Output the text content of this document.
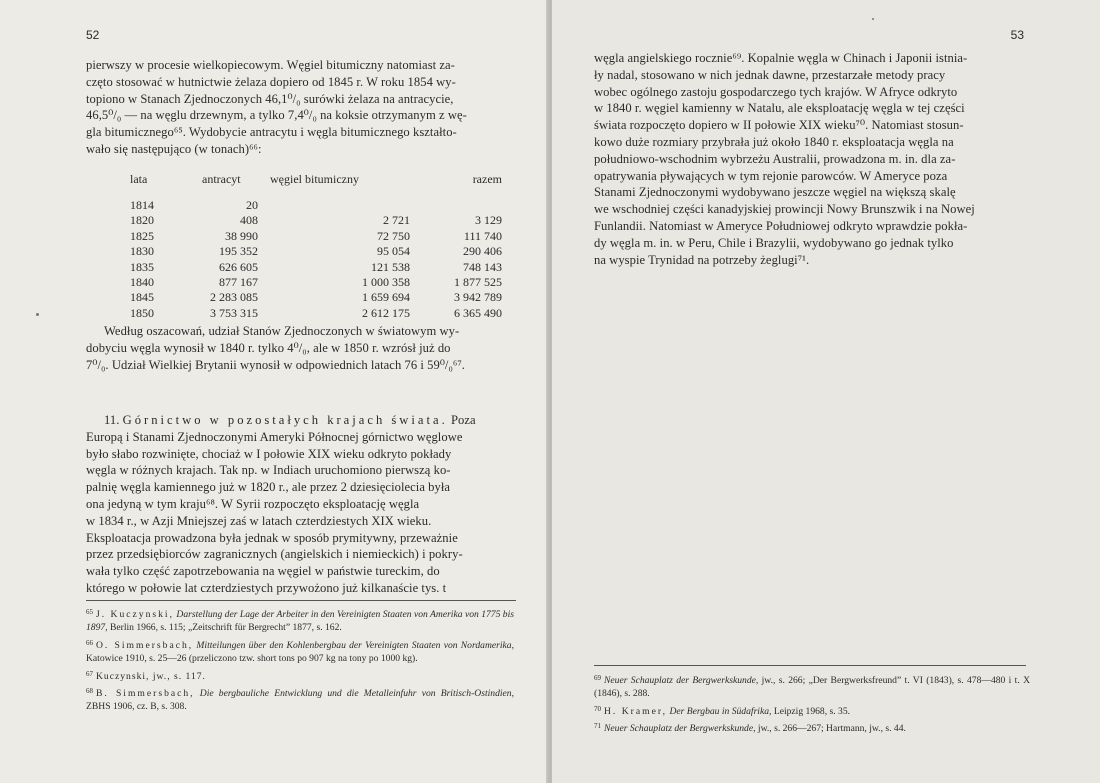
52

pierwszy w procesie wielkopiecowym. Węgiel bitumiczny natomiast za-

częto stosować w hutnictwie żelaza dopiero od 1845 r. W roku 1854 wy-

topiono w Stanach Zjednoczonych 46,1⁰/₀ surówki żelaza na antracycie,

46,5⁰/₀ — na węglu drzewnym, a tylko 7,4⁰/₀ na koksie otrzymanym z wę-

gla bitumicznego⁶⁵. Wydobycie antracytu i węgla bitumicznego kształto-

wało się następująco (w tonach)⁶⁶:

lata	antracyt	węgiel bitumiczny	razem
1814	20
1820	408	2 721	3 129
1825	38 990	72 750	111 740
1830	195 352	95 054	290 406
1835	626 605	121 538	748 143
1840	877 167	1 000 358	1 877 525
1845	2 283 085	1 659 694	3 942 789
1850	3 753 315	2 612 175	6 365 490

Według oszacowań, udział Stanów Zjednoczonych w światowym wy-

dobyciu węgla wynosił w 1840 r. tylko 4⁰/₀, ale w 1850 r. wzrósł już do

7⁰/₀. Udział Wielkiej Brytanii wynosił w odpowiednich latach 76 i 59⁰/₀⁶⁷.

11. Górnictwo w pozostałych krajach świata. Poza

Europą i Stanami Zjednoczonymi Ameryki Północnej górnictwo węglowe

było słabo rozwinięte, chociaż w I połowie XIX wieku odkryto pokłady

węgla w różnych krajach. Tak np. w Indiach uruchomiono pierwszą ko-

palnię węgla kamiennego już w 1820 r., ale przez 2 dziesięciolecia była

ona jedyną w tym kraju⁶⁸. W Syrii rozpoczęto eksploatację węgla

w 1834 r., w Azji Mniejszej zaś w latach czterdziestych XIX wieku.

Eksploatacja prowadzona była jednak w sposób prymitywny, przeważnie

przez przedsiębiorców zagranicznych (angielskich i niemieckich) i pokry-

wała tylko część zapotrzebowania na węgiel w państwie tureckim, do

którego w połowie lat czterdziestych przywożono już kilkanaście tys. t

$^{65}$ J. Kuczynski, Darstellung der Lage der Arbeiter in den Vereinigten Staaten von Amerika von 1775 bis 1897, Berlin 1966, s. 115; „Zeitschrift für Bergrecht” 1877, s. 162.

$^{66}$ O. Simmersbach, Mitteilungen über den Kohlenbergbau der Vereinigten Staaten von Nordamerika, Katowice 1910, s. 25—26 (przeliczono tzw. short tons po 907 kg na tony po 1000 kg).

$^{67}$ Kuczynski, jw., s. 117.

$^{68}$ B. Simmersbach, Die bergbauliche Entwicklung und die Metalleinfuhr von Britisch-Ostindien, ZBHS 1906, cz. B, s. 308.

53

węgla angielskiego rocznie⁶⁹. Kopalnie węgla w Chinach i Japonii istnia-

ły nadal, stosowano w nich jednak dawne, przestarzałe metody pracy

wobec ogólnego zastoju gospodarczego tych krajów. W Afryce odkryto

w 1840 r. węgiel kamienny w Natalu, ale eksploatację węgla w tej części

świata rozpoczęto dopiero w II połowie XIX wieku⁷⁰. Natomiast stosun-

kowo duże rozmiary przybrała już około 1840 r. eksploatacja węgla na

południowo-wschodnim wybrzeżu Australii, prowadzona m. in. dla za-

opatrywania pływających w tym rejonie parowców. W Ameryce poza

Stanami Zjednoczonymi wydobywano jeszcze węgiel na większą skalę

we wschodniej części kanadyjskiej prowincji Nowy Brunszwik i na Nowej

Funlandii. Natomiast w Ameryce Południowej odkryto wprawdzie pokła-

dy węgla m. in. w Peru, Chile i Brazylii, wydobywano go jednak tylko

na wyspie Trynidad na potrzeby żeglugi⁷¹.

$^{69}$ Neuer Schauplatz der Bergwerkskunde, jw., s. 266; „Der Bergwerksfreund” t. VI (1843), s. 478—480 i t. X (1846), s. 288.

$^{70}$ H. Kramer, Der Bergbau in Südafrika, Leipzig 1968, s. 35.

$^{71}$ Neuer Schauplatz der Bergwerkskunde, jw., s. 266—267; Hartmann, jw., s. 44.
